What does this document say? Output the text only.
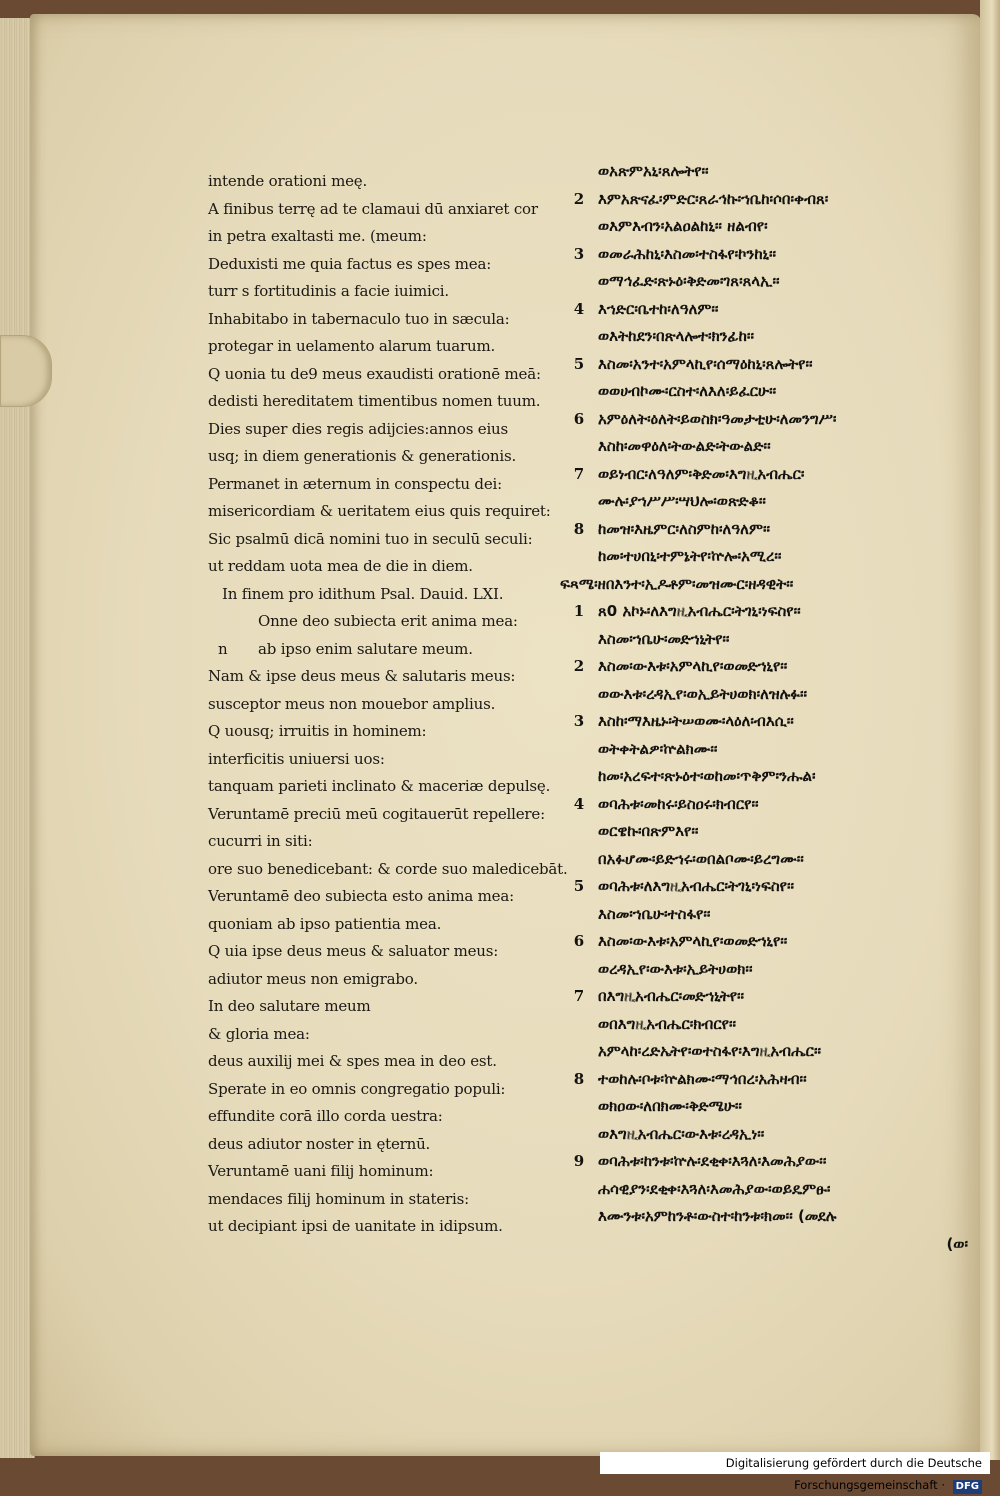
intende orationi meę.
A finibus terrę ad te clamaui dū anxiaret cor
in petra exaltasti me. (meum:
Deduxisti me quia factus es spes mea:
turr s fortitudinis a facie iuimici.
Inhabitabo in tabernaculo tuo in sæcula:
protegar in uelamento alarum tuarum.
Q uonia tu de9 meus exaudisti orationē meā:
dedisti hereditatem timentibus nomen tuum.
Dies super dies regis adijcies:annos eius
usq; in diem generationis & generationis.
Permanet in æternum in conspectu dei:
misericordiam & ueritatem eius quis requiret:
Sic psalmū dicā nomini tuo in seculū seculi:
ut reddam uota mea de die in diem.
In finem pro idithum Psal. Dauid. LXI.
Onne deo subiecta erit anima mea:
n ab ipso enim salutare meum.
Nam & ipse deus meus & salutaris meus:
susceptor meus non mouebor amplius.
Q uousq; irruitis in hominem:
interficitis uniuersi uos:
tanquam parieti inclinato & maceriæ depulsę.
Veruntamē preciū meū cogitauerūt repellere:
cucurri in siti:
ore suo benedicebant: & corde suo maledicebāt.
Veruntamē deo subiecta esto anima mea:
quoniam ab ipso patientia mea.
Q uia ipse deus meus & saluator meus:
adiutor meus non emigrabo.
In deo salutare meum
& gloria mea:
deus auxilij mei & spes mea in deo est.
Sperate in eo omnis congregatio populi:
effundite corā illo corda uestra:
deus adiutor noster in ęternū.
Veruntamē uani filij hominum:
mendaces filij hominum in stateris:
ut decipiant ipsi de uanitate in idipsum.
ወአጽምአኒ፡ጸሎትየ፡፡
2 እምአጽናፈ፡ምድር፡ጸራኅኩ፡ኀቤከ፡ሶበ፡ቀብጸ፡
ወእምእብን፡አልዐልከኒ፡፡ ዘልብየ፡
3 ወመራሕከኒ፡እስመ፡ተስፋየ፡ኮንከኒ፡፡
ወማኅፈድ፡ጽኑዕ፡ቅድመ፡ገጸ፡ጸላኢ፡፡
4 እኀድር፡ቤተከ፡ለዓለም፡፡
ወእትከደን፡በጽላሎተ፡ክንፊከ፡፡
5 እስመ፡አንተ፡አምላኪየ፡ሰማዕከኒ፡ጸሎትየ፡፡
ወወሀብኮሙ፡ርስተ፡ለእለ፡ይፈርሁ፡፡
6 አምዕለት፡ዕለት፡ይወስክ፡ዓመታቲሁ፡ለመንግሥ፡
እስከ፡መዋዕለ፡ትውልድ፡ትውልድ፡፡
7 ወይነብር፡ለዓለም፡ቅድመ፡እግዚአብሔር፡
ሙሉ፡ያኀሥሥ፡ሣህሎ፡ወጽድቆ፡፡
8 ከመዝ፡እዜምር፡ለስምከ፡ለዓለም፡፡
ከመ፡ተሀበኒ፡ተምኔትየ፡ኵሎ፡አሚረ፡፡
ፍጻሜ፡ዘበእንተ፡ኢዶቶም፡መዝሙር፡ዘዳዊት፡፡
1 ጸ0 አኮኑ፡ለእግዚአብሔር፡ትገኒ፡ነፍስየ፡፡
እስመ፡ኀቤሁ፡መድኀኒትየ፡፡
2 እስመ፡ውእቱ፡አምላኪየ፡ወመድኀኒየ፡፡
ወውእቱ፡ረዳኢየ፡ወኢይትሀወክ፡ለዝሉፉ፡፡
3 እስከ፡ማእዜኑ፡ትሠወሙ፡ላዕለ፡ብእሲ፡፡
ወትቀትልዎ፡ኵልክሙ፡፡
ከመ፡አረፍተ፡ጽኑዕተ፡ወከመ፡ጥቅም፡ንሑል፡
4 ወባሕቱ፡መከሩ፡ይስዐሩ፡ክብርየ፡፡
ወርዌኩ፡በጽምእየ፡፡
በአፉሆሙ፡ይድኀሩ፡ወበልቦሙ፡ይረግሙ፡፡
5 ወባሕቱ፡ለእግዚአብሔር፡ትገኒ፡ነፍስየ፡፡
እስመ፡ኀቤሁ፡ተስፋየ፡፡
6 እስመ፡ውእቱ፡አምላኪየ፡ወመድኀኒየ፡፡
ወረዳኢየ፡ውእቱ፡ኢይትሀወክ፡፡
7 በእግዚአብሔር፡መድኀኒትየ፡፡
ወበእግዚአብሔር፡ክብርየ፡፡
አምላከ፡ረድኤትየ፡ወተስፋየ፡እግዚአብሔር፡፡
8 ተወከሉ፡ቦቱ፡ኵልክሙ፡ማኅበረ፡አሕዛብ፡፡
ወክዐው፡ለበክሙ፡ቅድሜሁ፡፡
ወእግዚአብሔር፡ውእቱ፡ረዳኢነ፡፡
9 ወባሕቱ፡ከንቱ፡ኵሉ፡ደቂቀ፡እጓለ፡እመሕያው፡፡
ሐሳዊያን፡ደቂቀ፡እጓለ፡እመሕያው፡ወይዴምፁ፡
እሙንቱ፡አምከንቶ፡ውስተ፡ከንቱ፡ክመ፡፡ (መደሉ
(ወ፡
Digitalisierung gefördert durch die Deutsche Forschungsgemeinschaft · DFG
